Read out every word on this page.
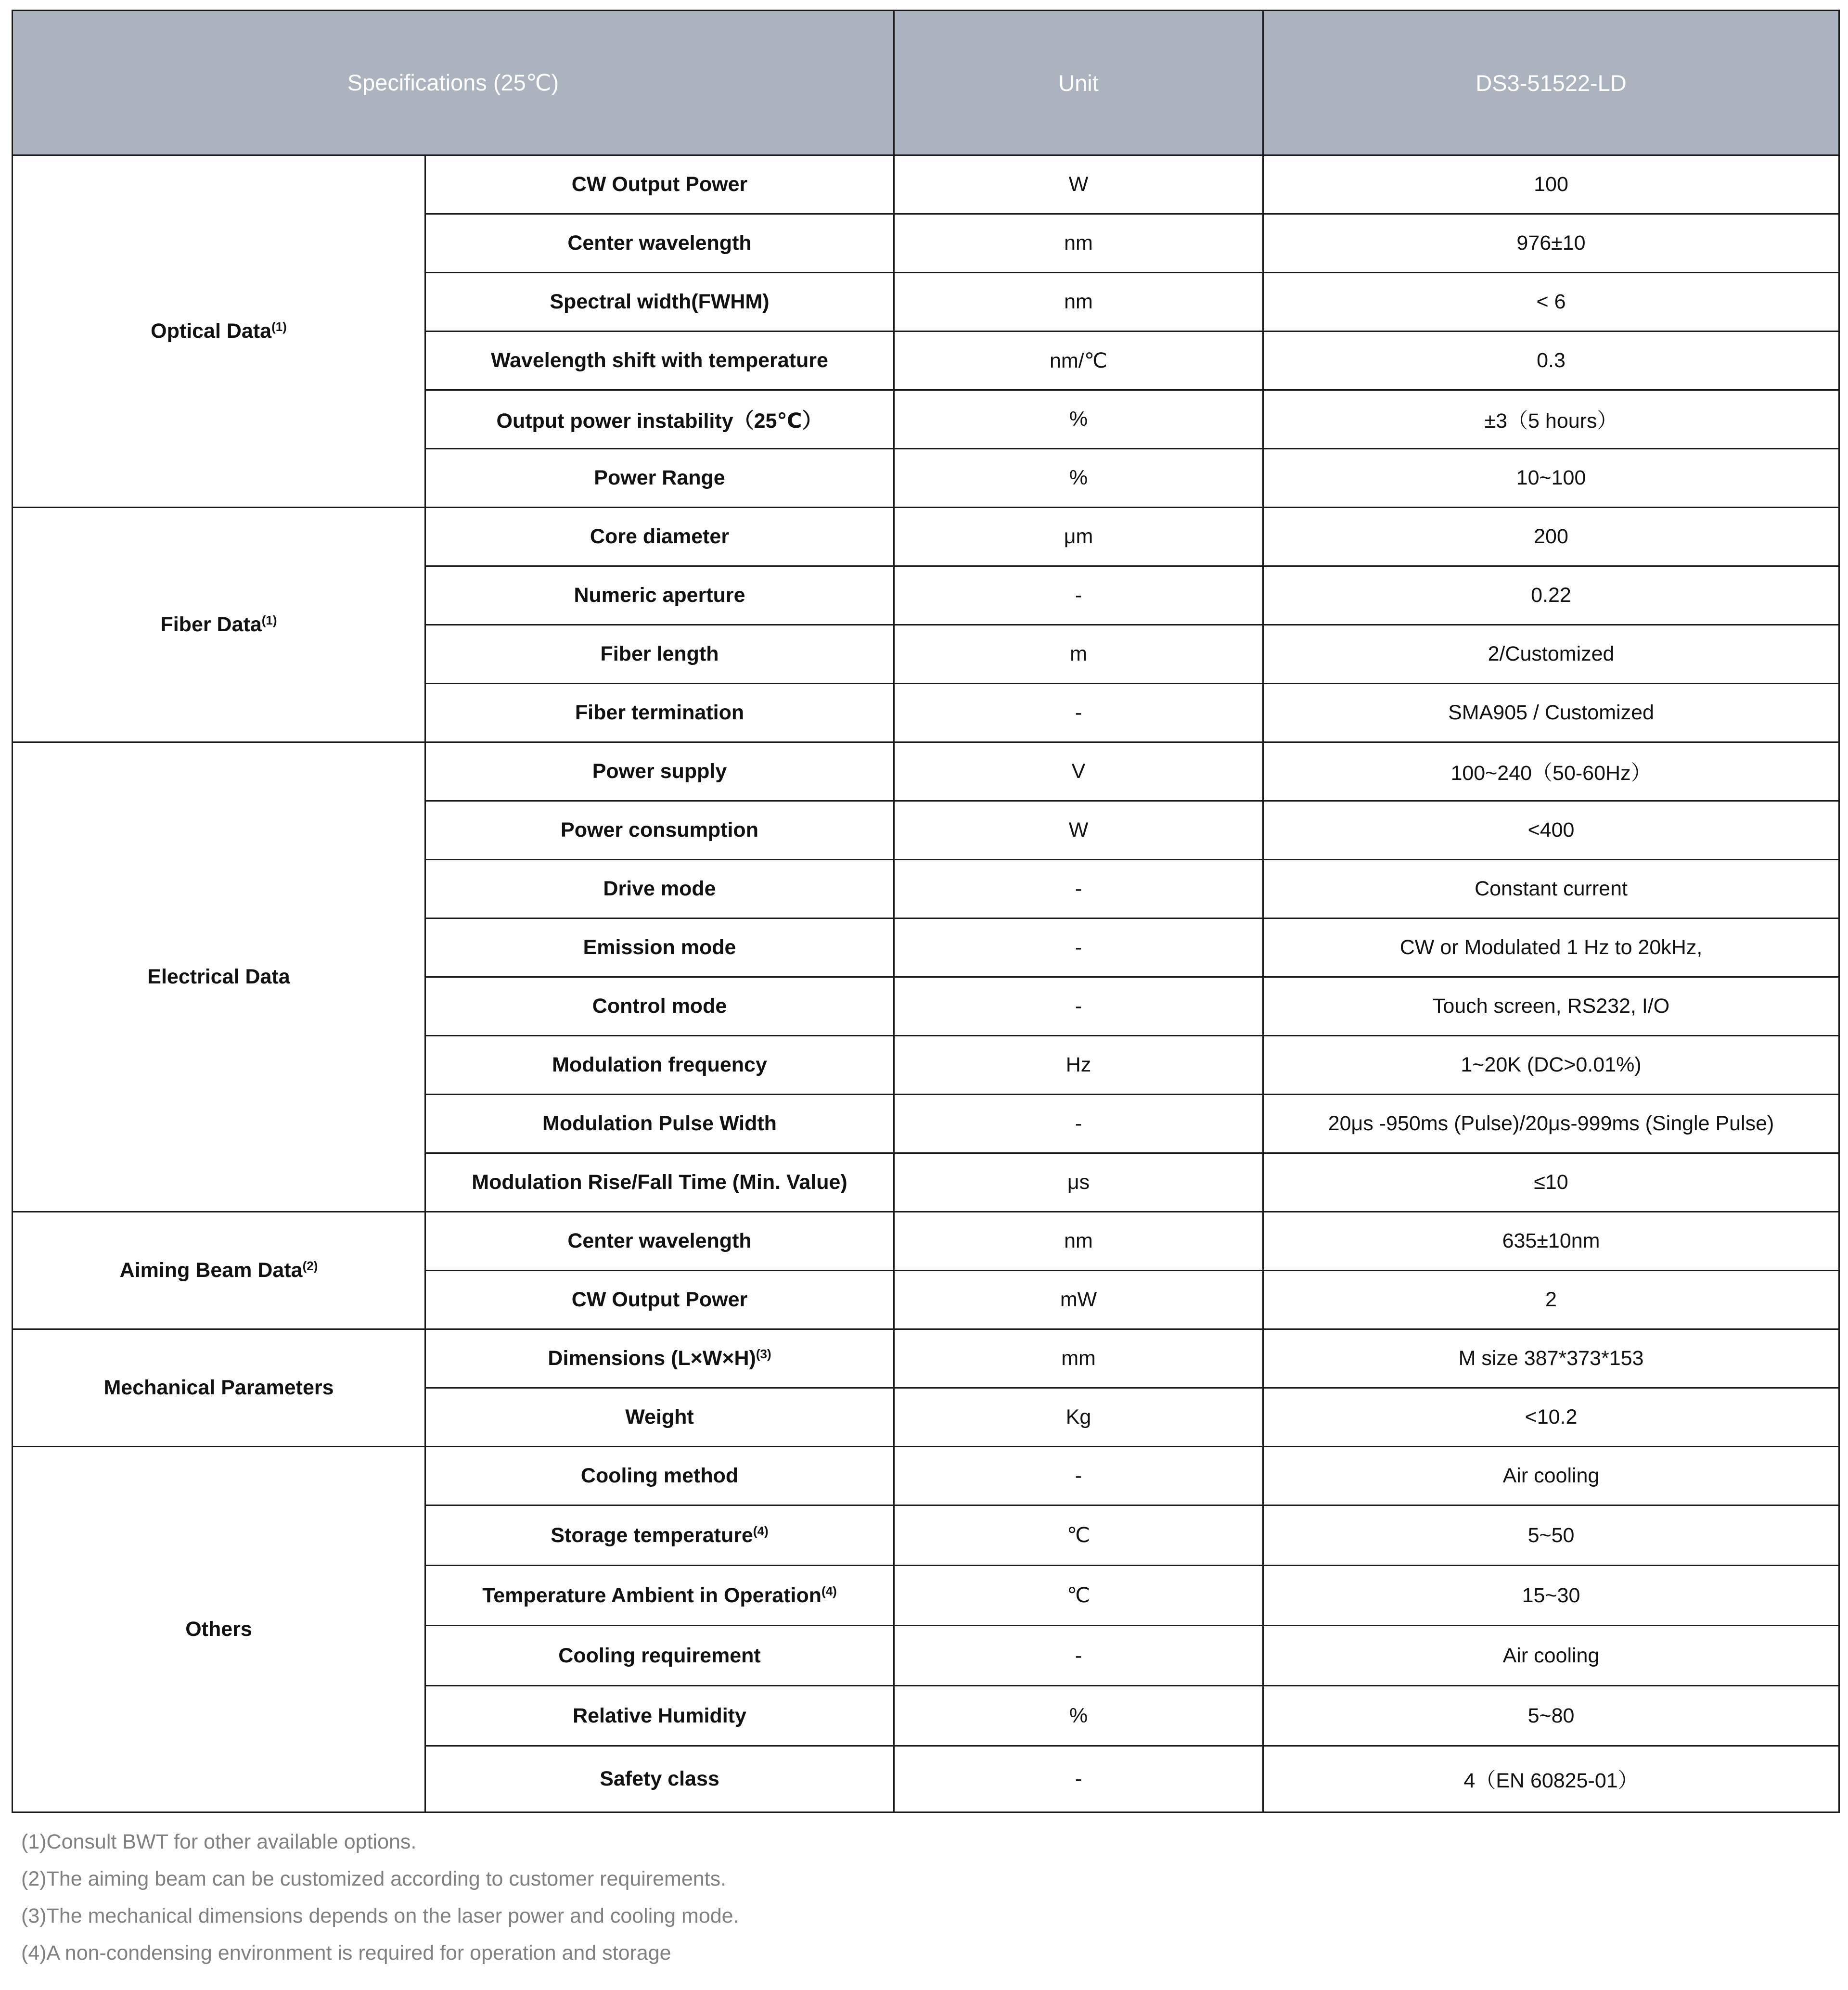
Specifications (25℃)		Unit	DS3-51522-LD
Optical Data$^{(1)}$	CW Output Power	W	100
	Center wavelength	nm	976±10
	Spectral width(FWHM)	nm	< 6
	Wavelength shift with temperature	nm/℃	0.3
	Output power instability（25℃）	%	±3（5 hours）
	Power Range	%	10~100
Fiber Data$^{(1)}$	Core diameter	μm	200
	Numeric aperture	-	0.22
	Fiber length	m	2/Customized
	Fiber termination	-	SMA905 / Customized
Electrical Data	Power supply	V	100~240（50-60Hz）
	Power consumption	W	<400
	Drive mode	-	Constant current
	Emission mode	-	CW or Modulated 1 Hz to 20kHz,
	Control mode	-	Touch screen, RS232, I/O
	Modulation frequency	Hz	1~20K (DC>0.01%)
	Modulation Pulse Width	-	20μs -950ms (Pulse)/20μs-999ms (Single Pulse)
	Modulation Rise/Fall Time (Min. Value)	μs	≤10
Aiming Beam Data$^{(2)}$	Center wavelength	nm	635±10nm
	CW Output Power	mW	2
Mechanical Parameters	Dimensions $(L\times W\times H)^{(3)}$	mm	M size 387*373*153
	Weight	Kg	<10.2
Others	Cooling method	-	Air cooling
	Storage temperature$^{(4)}$	℃	5~50
	Temperature Ambient in Operation$^{(4)}$	℃	15~30
	Cooling requirement	-	Air cooling
	Relative Humidity	%	5~80
	Safety class	-	4（EN 60825-01）
(1)Consult BWT for other available options.
(2)The aiming beam can be customized according to customer requirements.
(3)The mechanical dimensions depends on the laser power and cooling mode.
(4)A non-condensing environment is required for operation and storage
